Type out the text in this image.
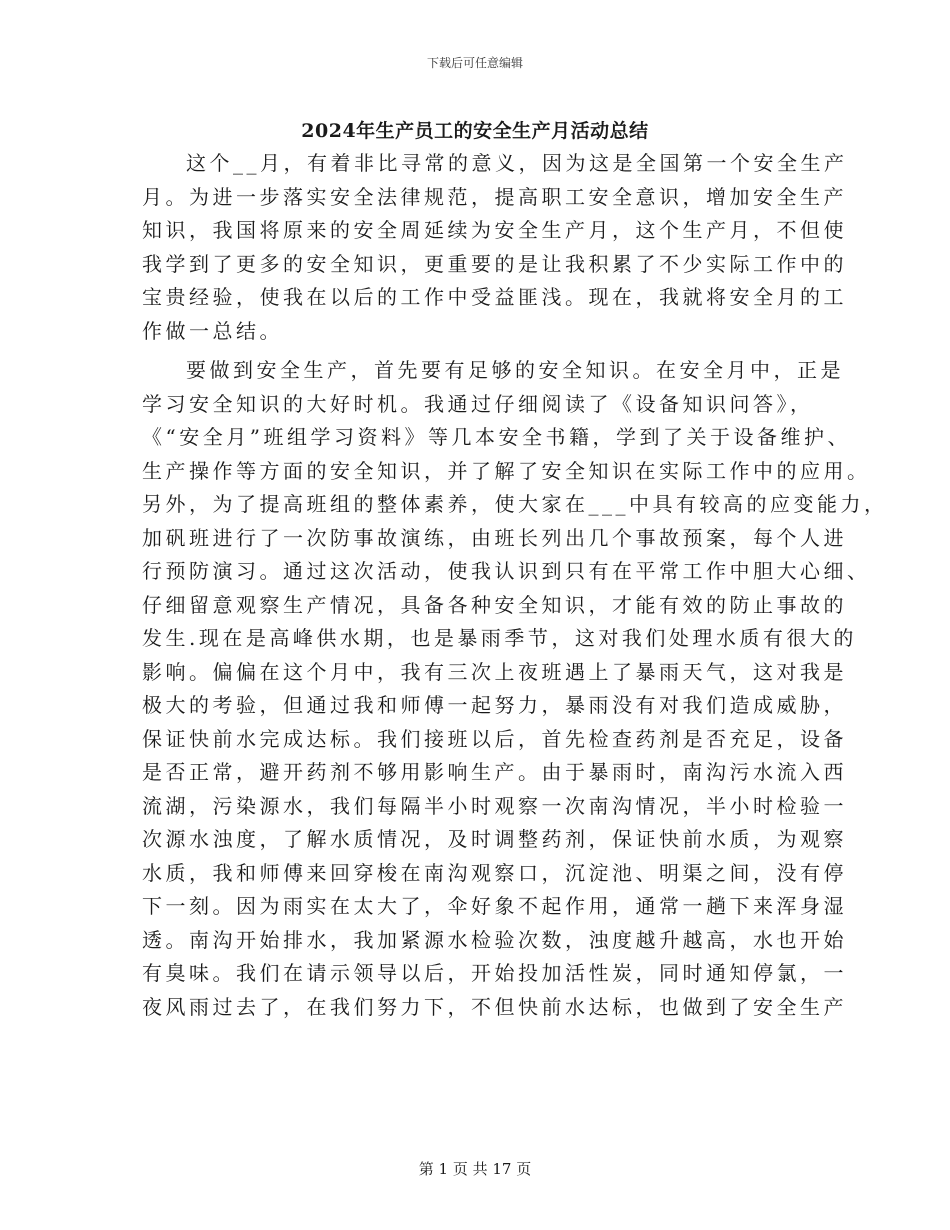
下载后可任意编辑
2024年生产员工的安全生产月活动总结
这个__月，有着非比寻常的意义，因为这是全国第一个安全生产
月。为进一步落实安全法律规范，提高职工安全意识，增加安全生产
知识，我国将原来的安全周延续为安全生产月，这个生产月，不但使
我学到了更多的安全知识，更重要的是让我积累了不少实际工作中的
宝贵经验，使我在以后的工作中受益匪浅。现在，我就将安全月的工
作做一总结。
要做到安全生产，首先要有足够的安全知识。在安全月中，正是
学习安全知识的大好时机。我通过仔细阅读了《设备知识问答》，
《“安全月”班组学习资料》等几本安全书籍，学到了关于设备维护、
生产操作等方面的安全知识，并了解了安全知识在实际工作中的应用。
另外，为了提高班组的整体素养，使大家在___中具有较高的应变能力，
加矾班进行了一次防事故演练，由班长列出几个事故预案，每个人进
行预防演习。通过这次活动，使我认识到只有在平常工作中胆大心细、
仔细留意观察生产情况，具备各种安全知识，才能有效的防止事故的
发生.现在是高峰供水期，也是暴雨季节，这对我们处理水质有很大的
影响。偏偏在这个月中，我有三次上夜班遇上了暴雨天气，这对我是
极大的考验，但通过我和师傅一起努力，暴雨没有对我们造成威胁，
保证快前水完成达标。我们接班以后，首先检查药剂是否充足，设备
是否正常，避开药剂不够用影响生产。由于暴雨时，南沟污水流入西
流湖，污染源水，我们每隔半小时观察一次南沟情况，半小时检验一
次源水浊度，了解水质情况，及时调整药剂，保证快前水质，为观察
水质，我和师傅来回穿梭在南沟观察口，沉淀池、明渠之间，没有停
下一刻。因为雨实在太大了，伞好象不起作用，通常一趟下来浑身湿
透。南沟开始排水，我加紧源水检验次数，浊度越升越高，水也开始
有臭味。我们在请示领导以后，开始投加活性炭，同时通知停氯，一
夜风雨过去了，在我们努力下，不但快前水达标，也做到了安全生产
第 1 页 共 17 页
